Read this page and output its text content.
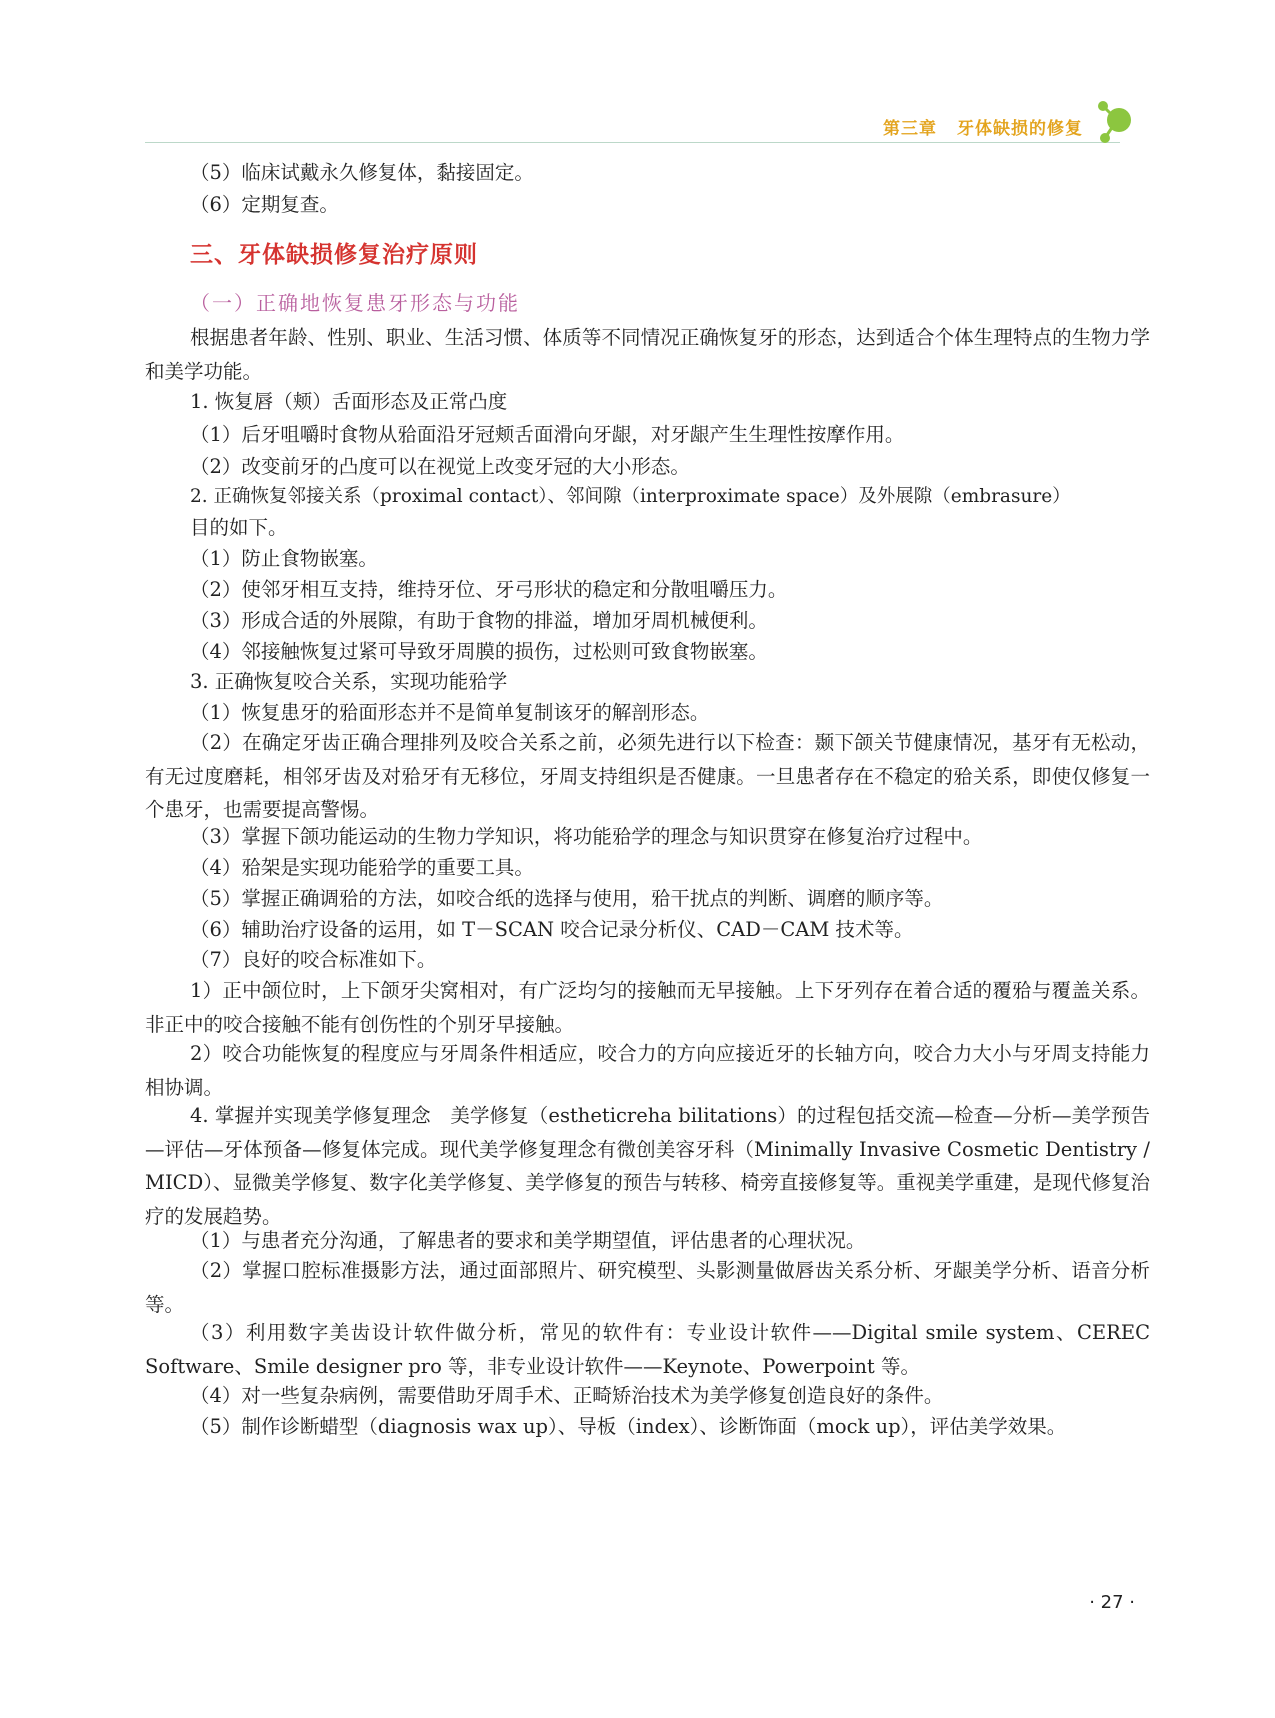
第三章 牙体缺损的修复
（5）临床试戴永久修复体，黏接固定。
（6）定期复查。
三、牙体缺损修复治疗原则
（一）正确地恢复患牙形态与功能
根据患者年龄、性别、职业、生活习惯、体质等不同情况正确恢复牙的形态，达到适合个体生理特点的生物力学和美学功能。
1. 恢复唇（颊）舌面形态及正常凸度
（1）后牙咀嚼时食物从𬌗面沿牙冠颊舌面滑向牙龈，对牙龈产生生理性按摩作用。
（2）改变前牙的凸度可以在视觉上改变牙冠的大小形态。
2. 正确恢复邻接关系（proximal contact）、邻间隙（interproximate space）及外展隙（embrasure）
目的如下。
（1）防止食物嵌塞。
（2）使邻牙相互支持，维持牙位、牙弓形状的稳定和分散咀嚼压力。
（3）形成合适的外展隙，有助于食物的排溢，增加牙周机械便利。
（4）邻接触恢复过紧可导致牙周膜的损伤，过松则可致食物嵌塞。
3. 正确恢复咬合关系，实现功能𬌗学
（1）恢复患牙的𬌗面形态并不是简单复制该牙的解剖形态。
（2）在确定牙齿正确合理排列及咬合关系之前，必须先进行以下检查：颞下颌关节健康情况，基牙有无松动，有无过度磨耗，相邻牙齿及对𬌗牙有无移位，牙周支持组织是否健康。一旦患者存在不稳定的𬌗关系，即使仅修复一个患牙，也需要提高警惕。
（3）掌握下颌功能运动的生物力学知识，将功能𬌗学的理念与知识贯穿在修复治疗过程中。
（4）𬌗架是实现功能𬌗学的重要工具。
（5）掌握正确调𬌗的方法，如咬合纸的选择与使用，𬌗干扰点的判断、调磨的顺序等。
（6）辅助治疗设备的运用，如 T－SCAN 咬合记录分析仪、CAD－CAM 技术等。
（7）良好的咬合标准如下。
1）正中颌位时，上下颌牙尖窝相对，有广泛均匀的接触而无早接触。上下牙列存在着合适的覆𬌗与覆盖关系。非正中的咬合接触不能有创伤性的个别牙早接触。
2）咬合功能恢复的程度应与牙周条件相适应，咬合力的方向应接近牙的长轴方向，咬合力大小与牙周支持能力相协调。
4. 掌握并实现美学修复理念　美学修复（estheticreha bilitations）的过程包括交流—检查—分析—美学预告—评估—牙体预备—修复体完成。现代美学修复理念有微创美容牙科（Minimally Invasive Cosmetic Dentistry / MICD）、显微美学修复、数字化美学修复、美学修复的预告与转移、椅旁直接修复等。重视美学重建，是现代修复治疗的发展趋势。
（1）与患者充分沟通，了解患者的要求和美学期望值，评估患者的心理状况。
（2）掌握口腔标准摄影方法，通过面部照片、研究模型、头影测量做唇齿关系分析、牙龈美学分析、语音分析等。
（3）利用数字美齿设计软件做分析，常见的软件有：专业设计软件——Digital smile system、CEREC Software、Smile designer pro 等，非专业设计软件——Keynote、Powerpoint 等。
（4）对一些复杂病例，需要借助牙周手术、正畸矫治技术为美学修复创造良好的条件。
（5）制作诊断蜡型（diagnosis wax up）、导板（index）、诊断饰面（mock up），评估美学效果。
· 27 ·
